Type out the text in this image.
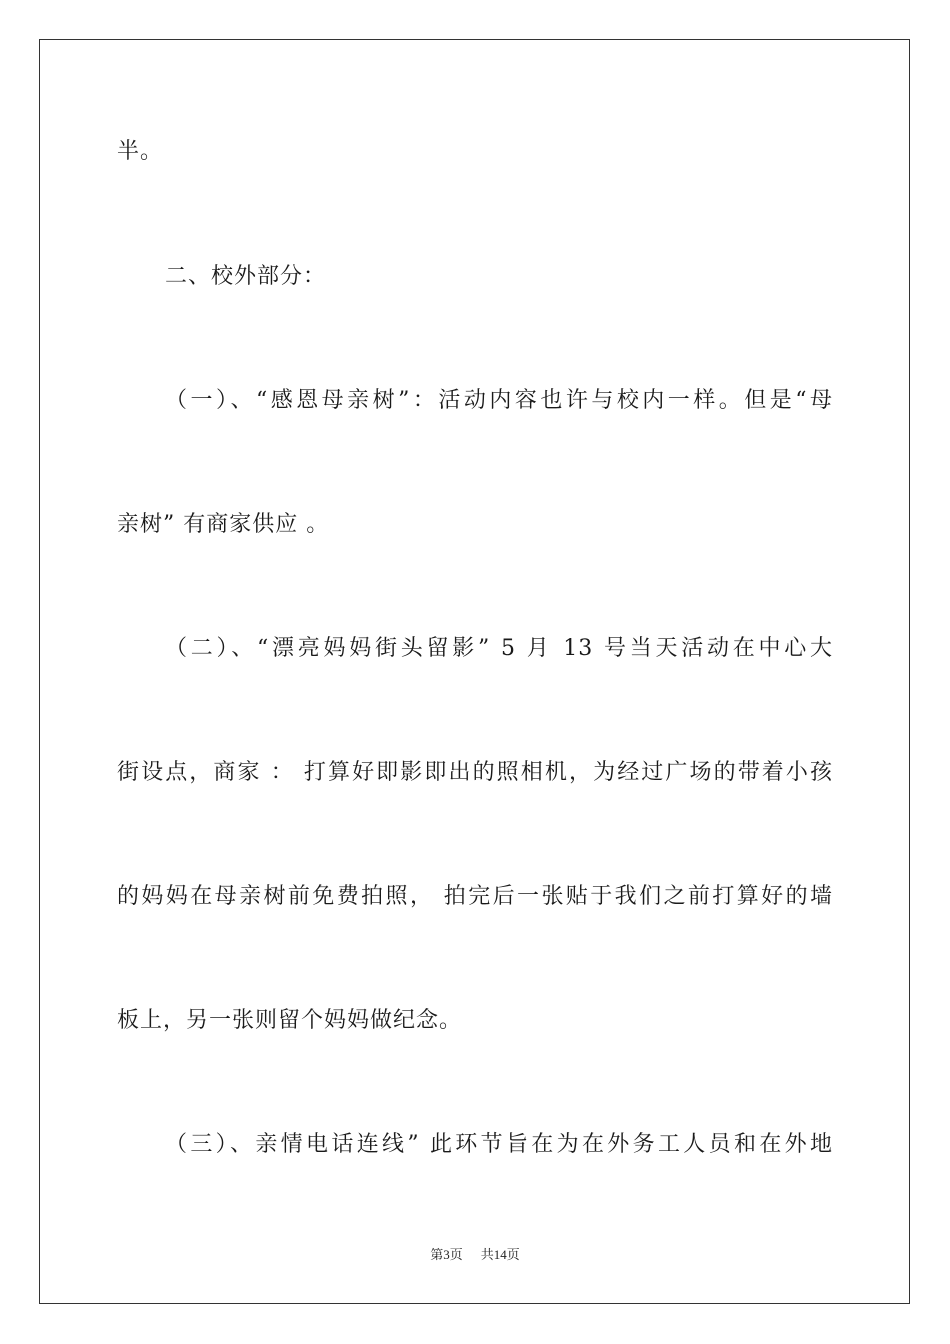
半。
二、校外部分：
（一）、“感恩母亲树”：活动内容也许与校内一样。但是“母
亲树” 有商家供应 。
（二）、“漂亮妈妈街头留影” 5 月 13 号当天活动在中心大
街设点，商家 ： 打算好即影即出的照相机，为经过广场的带着小孩
的妈妈在母亲树前免费拍照， 拍完后一张贴于我们之前打算好的墙
板上，另一张则留个妈妈做纪念。
（三）、亲情电话连线” 此环节旨在为在外务工人员和在外地
第3页 共14页
